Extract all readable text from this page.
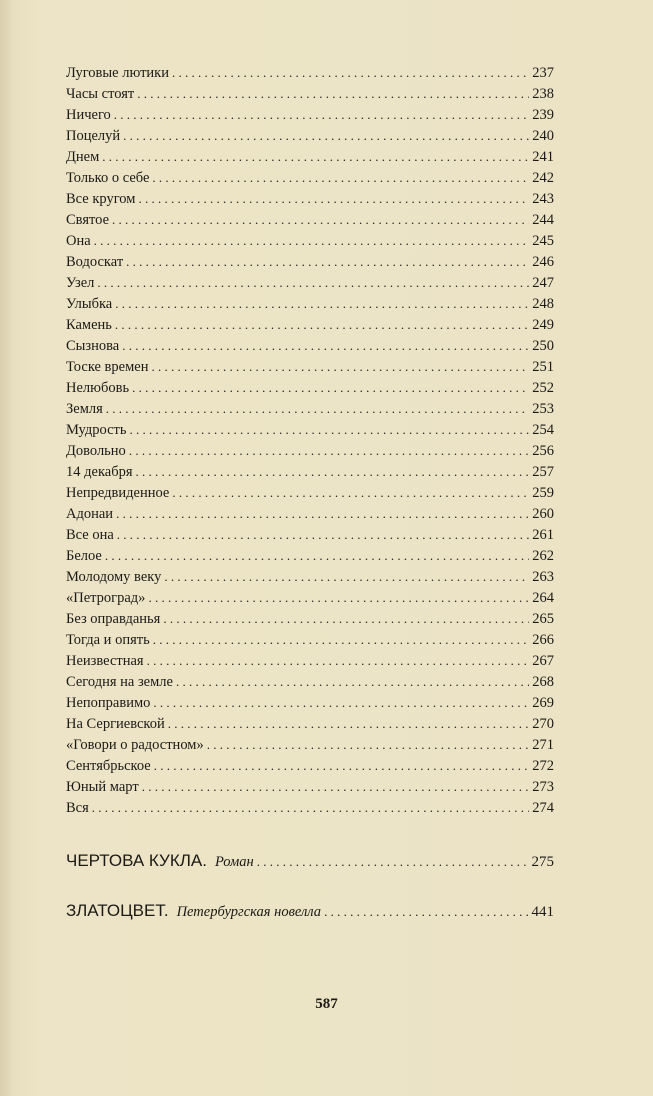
Луговые лютики . . .	237
Часы стоят . . .	238
Ничего . . .	239
Поцелуй . . .	240
Днем . . .	241
Только о себе . . .	242
Все кругом . . .	243
Святое . . .	244
Она . . .	245
Водоскат . . .	246
Узел . . .	247
Улыбка . . .	248
Камень . . .	249
Сызнова . . .	250
Тоске времен . . .	251
Нелюбовь . . .	252
Земля . . .	253
Мудрость . . .	254
Довольно . . .	256
14 декабря . . .	257
Непредвиденное . . .	259
Адонаи . . .	260
Все она . . .	261
Белое . . .	262
Молодому веку . . .	263
«Петроград» . . .	264
Без оправданья . . .	265
Тогда и опять . . .	266
Неизвестная . . .	267
Сегодня на земле . . .	268
Непоправимо . . .	269
На Сергиевской . . .	270
«Говори о радостном» . . .	271
Сентябрьское . . .	272
Юный март . . .	273
Вся . . .	274
ЧЕРТОВА КУКЛА. Роман . . .	275
ЗЛАТОЦВЕТ. Петербургская новелла . . .	441
587
